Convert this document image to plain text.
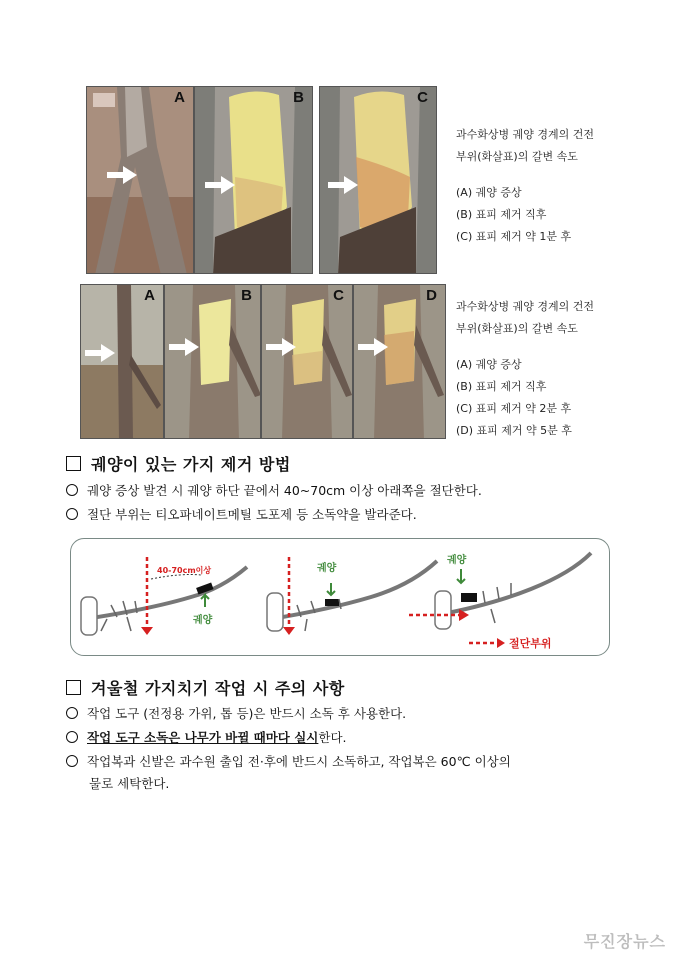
A	B	C
과수화상병 궤양 경계의 건전
부위(화살표)의 갈변 속도
(A) 궤양 증상
(B) 표피 제거 직후
(C) 표피 제거 약 1분 후
A	B	C	D
과수화상병 궤양 경계의 건전
부위(화살표)의 갈변 속도
(A) 궤양 증상
(B) 표피 제거 직후
(C) 표피 제거 약 2분 후
(D) 표피 제거 약 5분 후
궤양이 있는 가지 제거 방법
궤양 증상 발견 시 궤양 하단 끝에서 40~70cm 이상 아래쪽을 절단한다.
절단 부위는 티오파네이트메틸 도포제 등 소독약을 발라준다.
40-70cm이상
궤양
궤양
궤양
절단부위
겨울철 가지치기 작업 시 주의 사항
작업 도구 (전정용 가위, 톱 등)은 반드시 소독 후 사용한다.
작업 도구 소독은 나무가 바뀔 때마다 실시한다.
작업복과 신발은 과수원 출입 전·후에 반드시 소독하고, 작업복은 60℃ 이상의
물로 세탁한다.
무진장뉴스
